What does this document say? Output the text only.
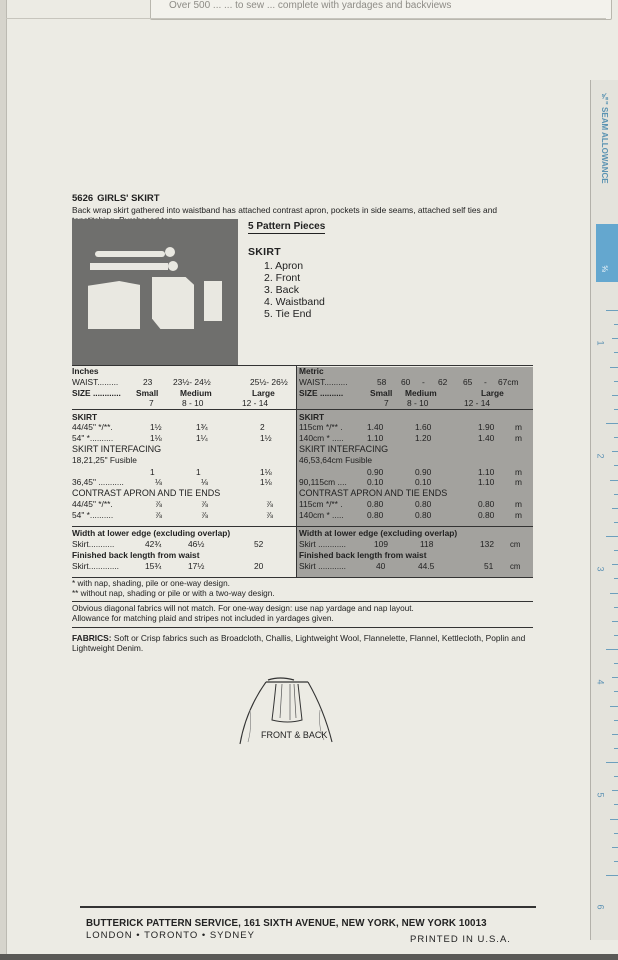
Over 500 ... ... to sew ... complete with yardages and backviews
5626 GIRLS' SKIRT
Back wrap skirt gathered into waistband has attached contrast apron, pockets in side seams, attached self ties and
5 Pattern Pieces
SKIRT
1. Apron
2. Front
3. Back
4. Waistband
5. Tie End
Inches
WAIST.........	23 23½- 24½	25½- 26½
SIZE ............ Small	Medium	Large
7	8 - 10	12 - 14
SKIRT
44/45" */**.	1½	1¾	2
54" *..........	1⅛	1¼	1½
SKIRT INTERFACING
18,21,25" Fusible
1	1	1⅛
36,45" ...........	⅛	⅛	1⅛
CONTRAST APRON AND TIE ENDS
44/45" */**.	⅞	⅞	⅞
54" *..........	⅞	⅞	⅞
Width at lower edge (excluding overlap)
Skirt...........	42¾	46½	52
Finished back length from waist
Skirt.............	15¾	17½	20
Metric
WAIST..........	58 60 - 62 65 - 67cm
SIZE ..........	Small Medium	Large
7 8 - 10	12 - 14
SKIRT
115cm */** .	1.40	1.60	1.90 m
140cm * .....	1.10	1.20	1.40 m
SKIRT INTERFACING
46,53,64cm Fusible
0.90	0.90	1.10 m
90,115cm .... 0.10	0.10	1.10 m
CONTRAST APRON AND TIE ENDS
115cm */** .	0.80	0.80	0.80 m
140cm * .....	0.80	0.80	0.80 m
Width at lower edge (excluding overlap)
Skirt ............	109	118	132 cm
Finished back length from waist
Skirt ............	40	44.5	51 cm
* with nap, shading, pile or one-way design.
** without nap, shading or pile or with a two-way design.
Obvious diagonal fabrics will not match. For one-way design: use nap yardage and nap layout.
Allowance for matching plaid and stripes not included in yardages given.
FABRICS: Soft or Crisp fabrics such as Broadcloth, Challis, Lightweight Wool, Flannelette, Flannel, Kettlecloth, Poplin and Lightweight Denim.
FRONT & BACK
BUTTERICK PATTERN SERVICE, 161 SIXTH AVENUE, NEW YORK, NEW YORK 10013
LONDON • TORONTO • SYDNEY	PRINTED IN U.S.A.
⅝" SEAM ALLOWANCE
⅝
1
2
3
4
5
6
